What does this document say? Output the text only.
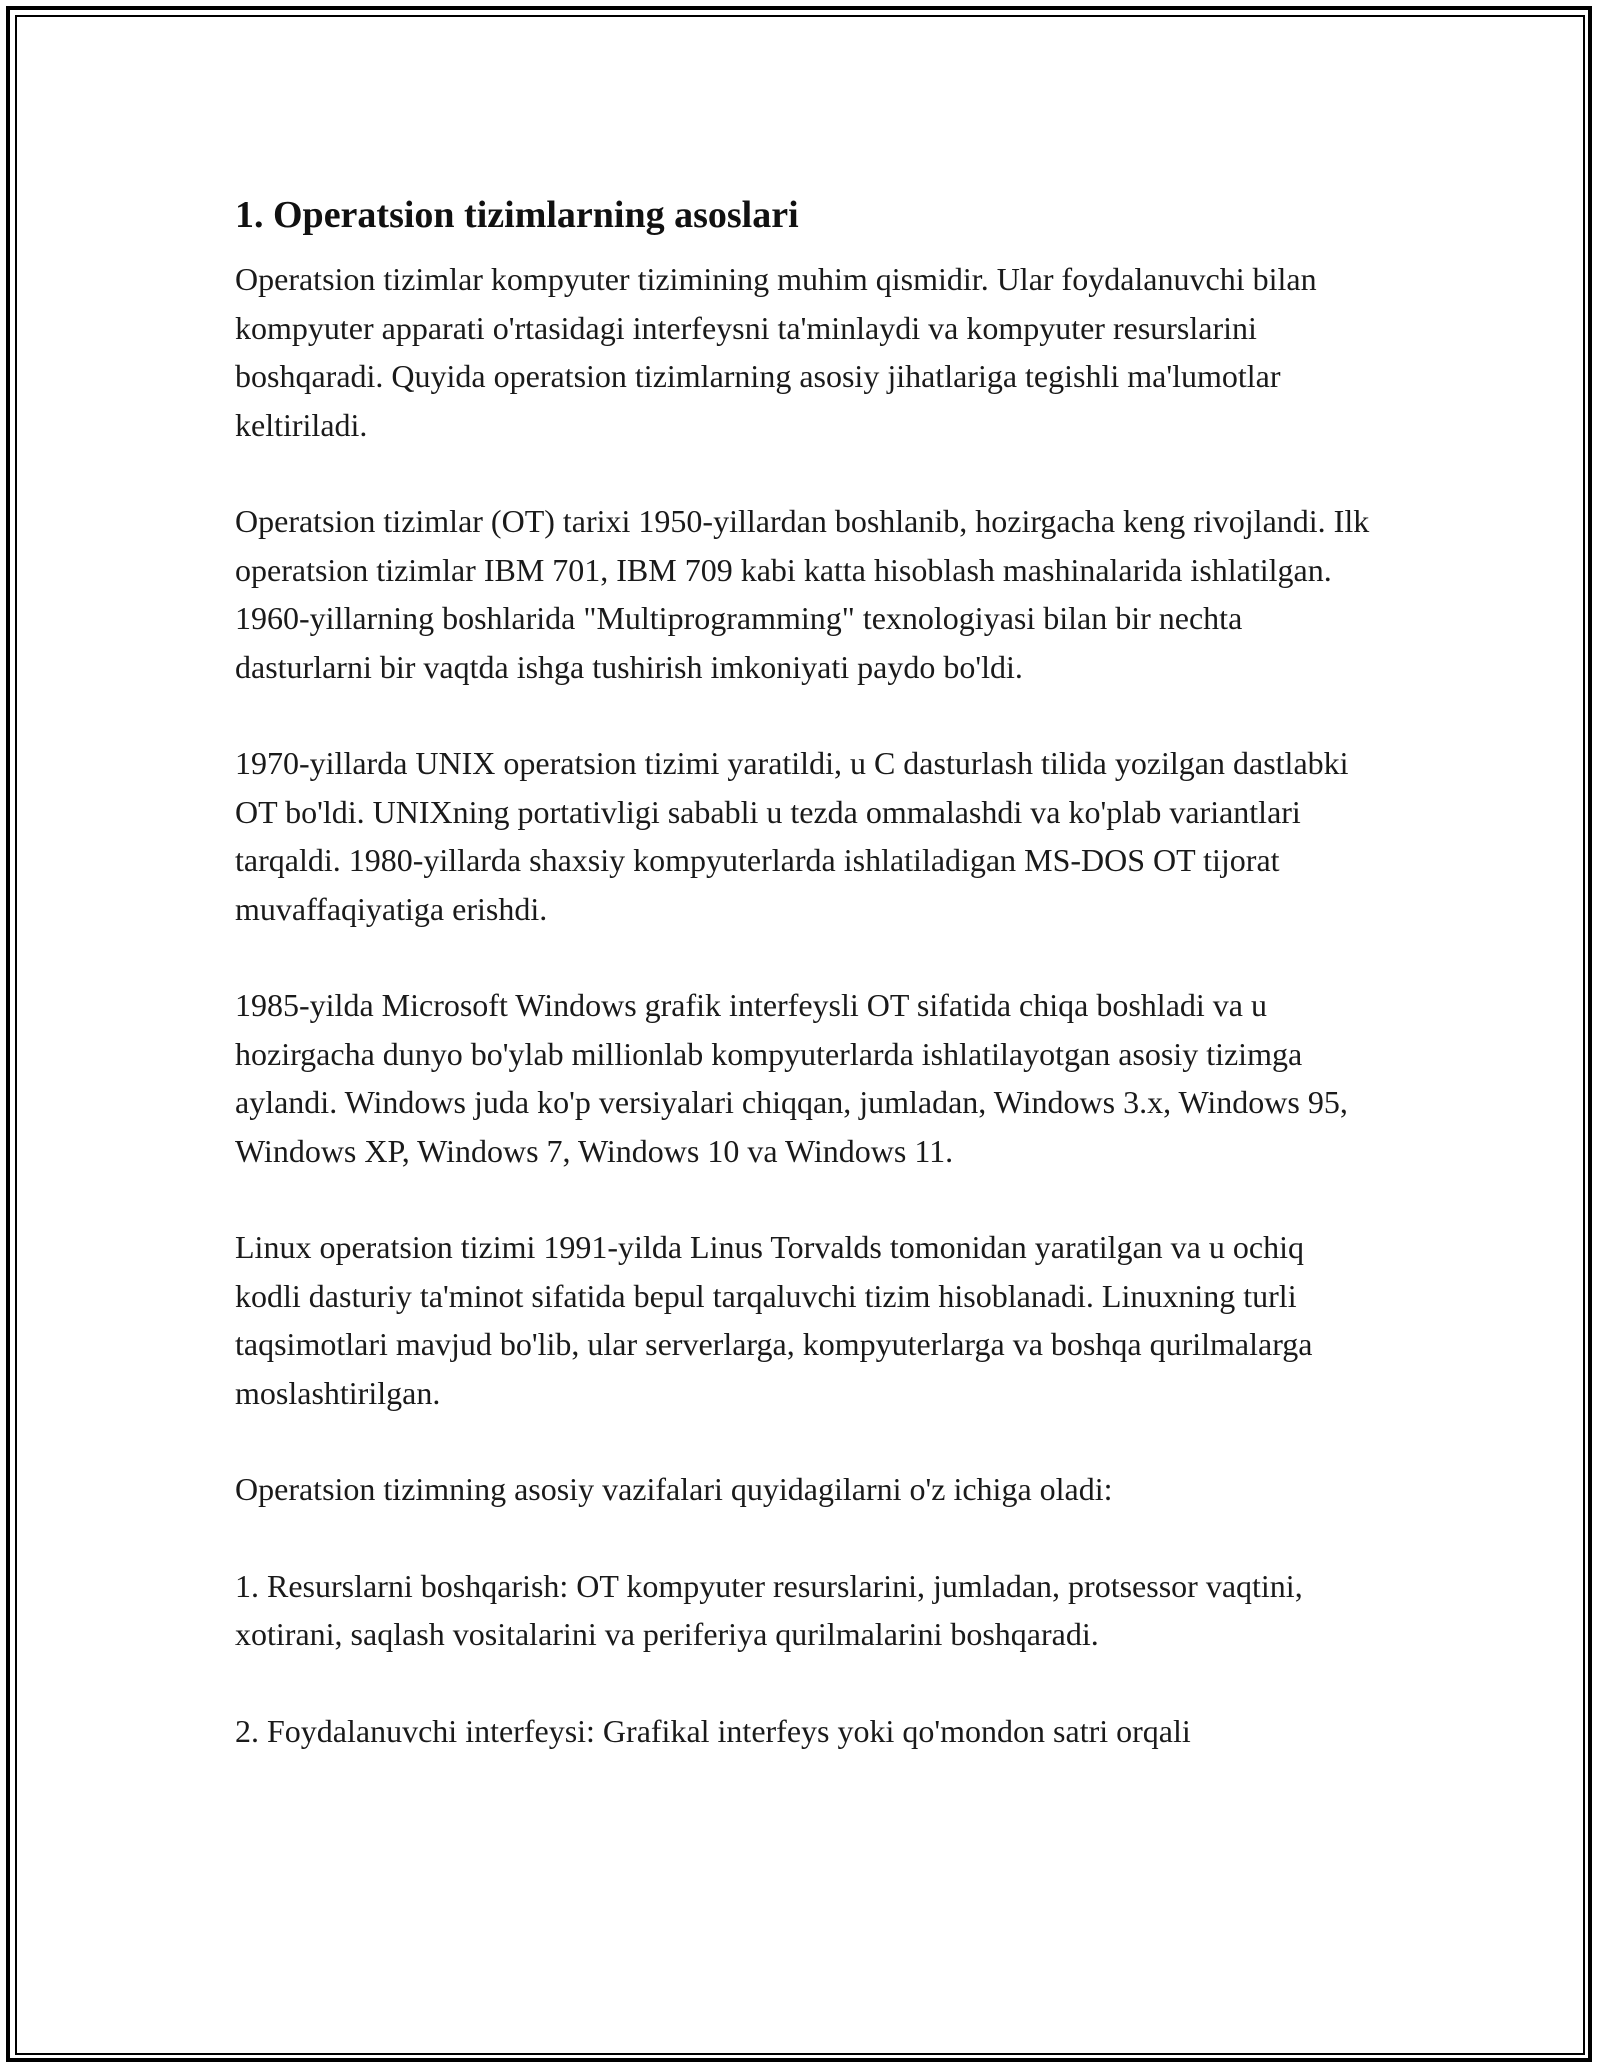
1. Operatsion tizimlarning asoslari

Operatsion tizimlar kompyuter tizimining muhim qismidir. Ular foydalanuvchi bilan kompyuter apparati o'rtasidagi interfeysni ta'minlaydi va kompyuter resurslarini boshqaradi. Quyida operatsion tizimlarning asosiy jihatlariga tegishli ma'lumotlar keltiriladi.

Operatsion tizimlar (OT) tarixi 1950-yillardan boshlanib, hozirgacha keng rivojlandi. Ilk operatsion tizimlar IBM 701, IBM 709 kabi katta hisoblash mashinalarida ishlatilgan. 1960-yillarning boshlarida "Multiprogramming" texnologiyasi bilan bir nechta dasturlarni bir vaqtda ishga tushirish imkoniyati paydo bo'ldi.

1970-yillarda UNIX operatsion tizimi yaratildi, u C dasturlash tilida yozilgan dastlabki OT bo'ldi. UNIXning portativligi sababli u tezda ommalashdi va ko'plab variantlari tarqaldi. 1980-yillarda shaxsiy kompyuterlarda ishlatiladigan MS-DOS OT tijorat muvaffaqiyatiga erishdi.

1985-yilda Microsoft Windows grafik interfeysli OT sifatida chiqa boshladi va u hozirgacha dunyo bo'ylab millionlab kompyuterlarda ishlatilayotgan asosiy tizimga aylandi. Windows juda ko'p versiyalari chiqqan, jumladan, Windows 3.x, Windows 95, Windows XP, Windows 7, Windows 10 va Windows 11.

Linux operatsion tizimi 1991-yilda Linus Torvalds tomonidan yaratilgan va u ochiq kodli dasturiy ta'minot sifatida bepul tarqaluvchi tizim hisoblanadi. Linuxning turli taqsimotlari mavjud bo'lib, ular serverlarga, kompyuterlarga va boshqa qurilmalarga moslashtirilgan.

Operatsion tizimning asosiy vazifalari quyidagilarni o'z ichiga oladi:

1. Resurslarni boshqarish: OT kompyuter resurslarini, jumladan, protsessor vaqtini, xotirani, saqlash vositalarini va periferiya qurilmalarini boshqaradi.

2. Foydalanuvchi interfeysi: Grafikal interfeys yoki qo'mondon satri orqali
